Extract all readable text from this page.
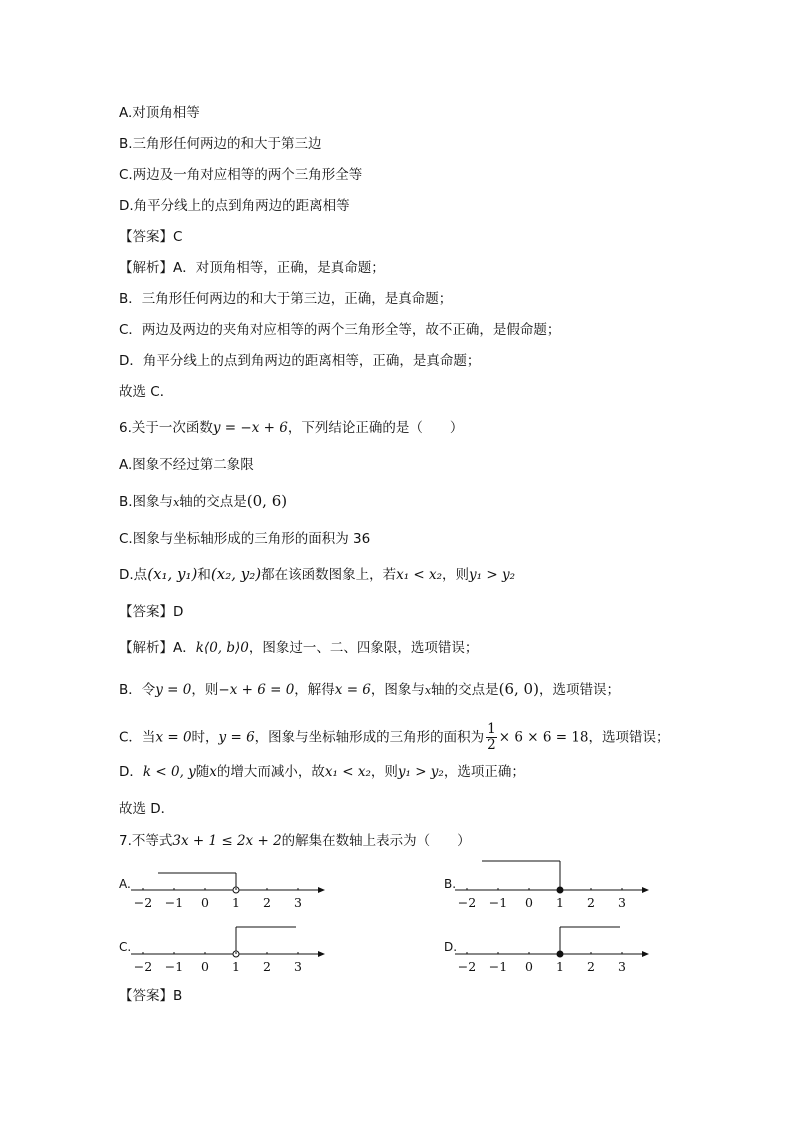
A.对顶角相等
B.三角形任何两边的和大于第三边
C.两边及一角对应相等的两个三角形全等
D.角平分线上的点到角两边的距离相等
【答案】C
【解析】A．对顶角相等，正确，是真命题；
B．三角形任何两边的和大于第三边，正确，是真命题；
C．两边及两边的夹角对应相等的两个三角形全等，故不正确，是假命题；
D．角平分线上的点到角两边的距离相等，正确，是真命题；
故选 C．
6.关于一次函数y = −x + 6，下列结论正确的是（　　）
A.图象不经过第二象限
B.图象与x轴的交点是(0, 6)
C.图象与坐标轴形成的三角形的面积为 36
D.点(x₁, y₁)和(x₂, y₂)都在该函数图象上，若x₁ < x₂，则y₁ > y₂
【答案】D
【解析】A．k⟨0, b⟩0，图象过一、二、四象限，选项错误；
B．令y = 0，则−x + 6 = 0，解得x = 6，图象与x轴的交点是(6, 0)，选项错误；
C．当x = 0时，y = 6，图象与坐标轴形成的三角形的面积为 $\frac{1}{2} \times 6 \times 6 = 18$，选项错误；
D．k < 0, y随x的增大而减小，故x₁ < x₂，则y₁ > y₂，选项正确；
故选 D．
7.不等式3x + 1 ≤ 2x + 2的解集在数轴上表示为（　　）
A.	B.
C.	D.
−2 −1 0 1 2 3	−2 −1 0 1 2 3
−2 −1 0 1 2 3	−2 −1 0 1 2 3
【答案】B
